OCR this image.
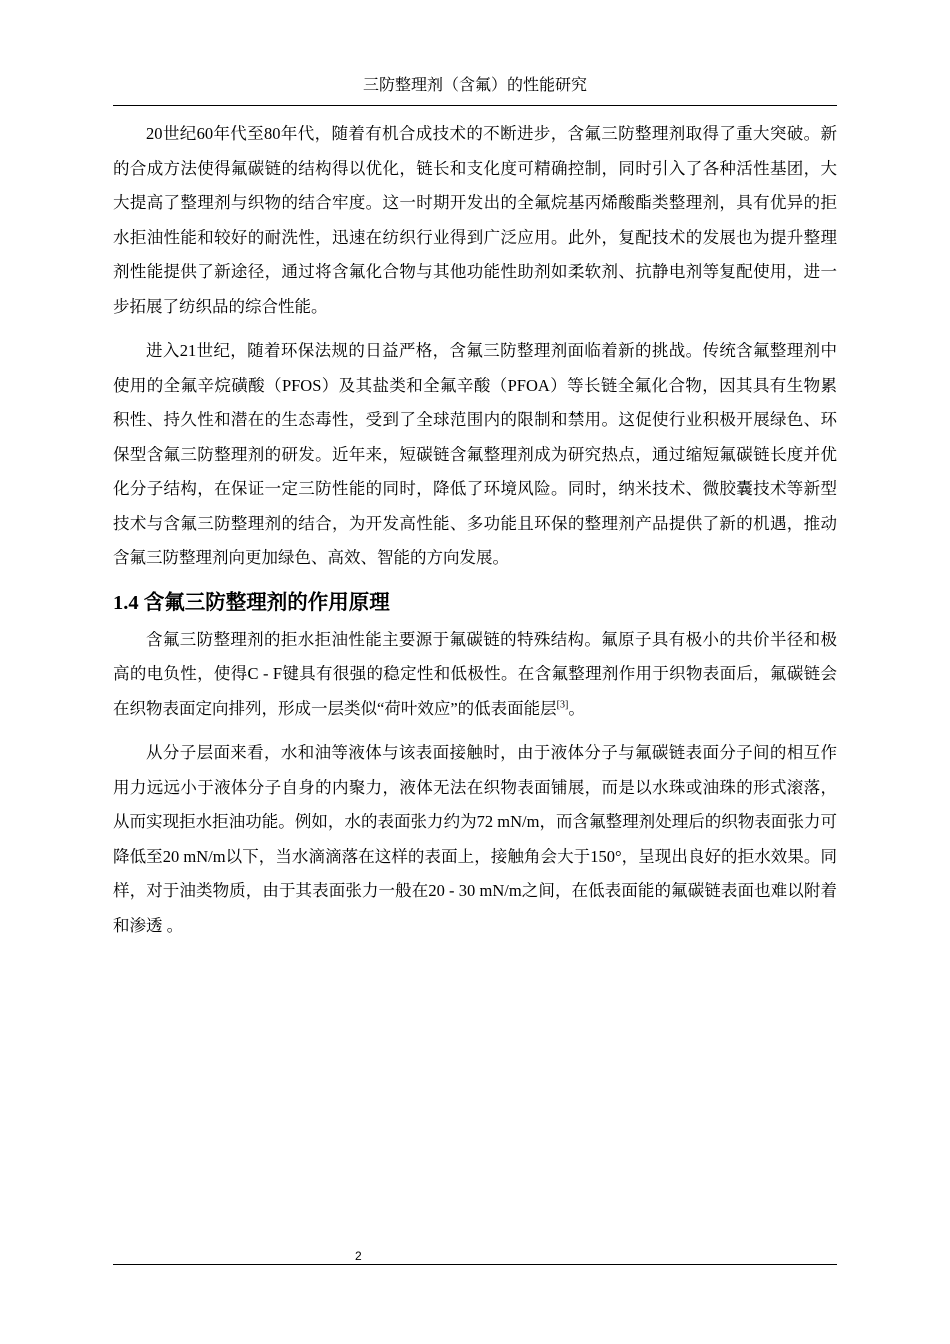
三防整理剂（含氟）的性能研究

20世纪60年代至80年代，随着有机合成技术的不断进步，含氟三防整理剂取得了重大突破。新的合成方法使得氟碳链的结构得以优化，链长和支化度可精确控制，同时引入了各种活性基团，大大提高了整理剂与织物的结合牢度。这一时期开发出的全氟烷基丙烯酸酯类整理剂，具有优异的拒水拒油性能和较好的耐洗性，迅速在纺织行业得到广泛应用。此外，复配技术的发展也为提升整理剂性能提供了新途径，通过将含氟化合物与其他功能性助剂如柔软剂、抗静电剂等复配使用，进一步拓展了纺织品的综合性能。

进入21世纪，随着环保法规的日益严格，含氟三防整理剂面临着新的挑战。传统含氟整理剂中使用的全氟辛烷磺酸（PFOS）及其盐类和全氟辛酸（PFOA）等长链全氟化合物，因其具有生物累积性、持久性和潜在的生态毒性，受到了全球范围内的限制和禁用。这促使行业积极开展绿色、环保型含氟三防整理剂的研发。近年来，短碳链含氟整理剂成为研究热点，通过缩短氟碳链长度并优化分子结构，在保证一定三防性能的同时，降低了环境风险。同时，纳米技术、微胶囊技术等新型技术与含氟三防整理剂的结合，为开发高性能、多功能且环保的整理剂产品提供了新的机遇，推动含氟三防整理剂向更加绿色、高效、智能的方向发展。

1.4 含氟三防整理剂的作用原理

含氟三防整理剂的拒水拒油性能主要源于氟碳链的特殊结构。氟原子具有极小的共价半径和极高的电负性，使得C - F键具有很强的稳定性和低极性。在含氟整理剂作用于织物表面后，氟碳链会在织物表面定向排列，形成一层类似“荷叶效应”的低表面能层[3]。

从分子层面来看，水和油等液体与该表面接触时，由于液体分子与氟碳链表面分子间的相互作用力远远小于液体分子自身的内聚力，液体无法在织物表面铺展，而是以水珠或油珠的形式滚落，从而实现拒水拒油功能。例如，水的表面张力约为72 mN/m，而含氟整理剂处理后的织物表面张力可降低至20 mN/m以下，当水滴滴落在这样的表面上，接触角会大于150°，呈现出良好的拒水效果。同样，对于油类物质，由于其表面张力一般在20 - 30 mN/m之间，在低表面能的氟碳链表面也难以附着和渗透 。

2
